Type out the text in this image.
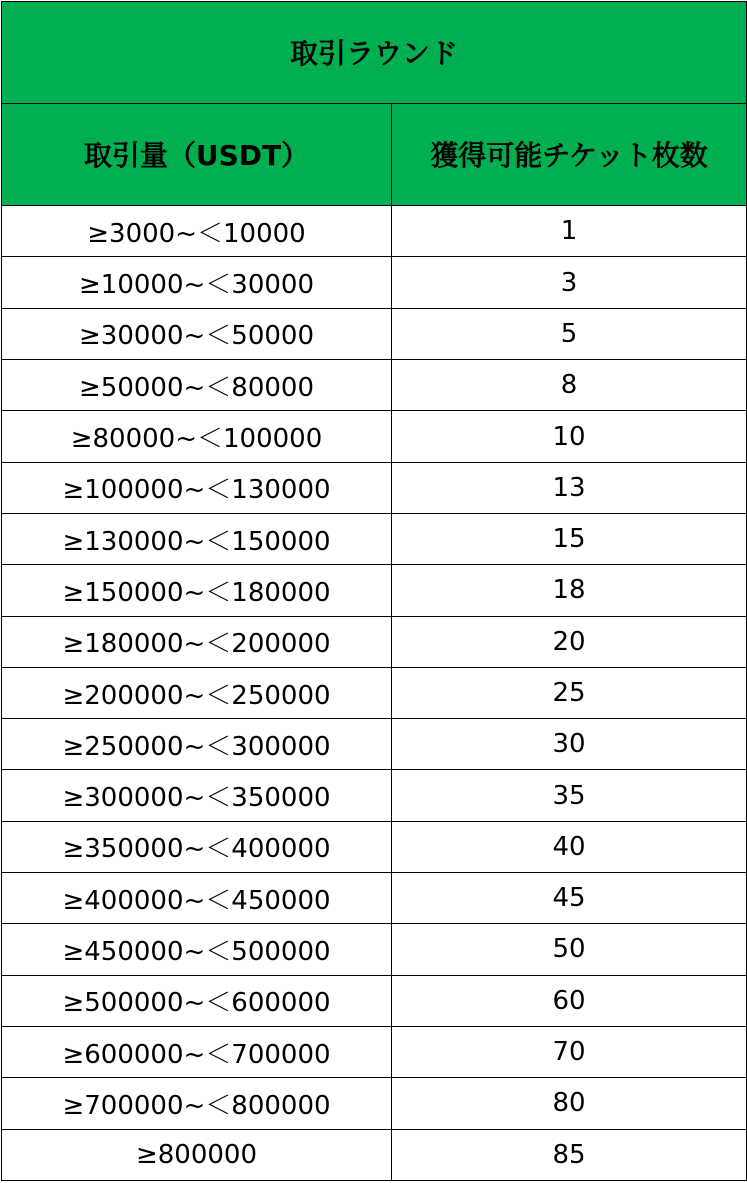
取引ラウンド	
取引量（USDT）	獲得可能チケット枚数
≥3000~＜10000	1
≥10000~＜30000	3
≥30000~＜50000	5
≥50000~＜80000	8
≥80000~＜100000	10
≥100000~＜130000	13
≥130000~＜150000	15
≥150000~＜180000	18
≥180000~＜200000	20
≥200000~＜250000	25
≥250000~＜300000	30
≥300000~＜350000	35
≥350000~＜400000	40
≥400000~＜450000	45
≥450000~＜500000	50
≥500000~＜600000	60
≥600000~＜700000	70
≥700000~＜800000	80
≥800000	85
